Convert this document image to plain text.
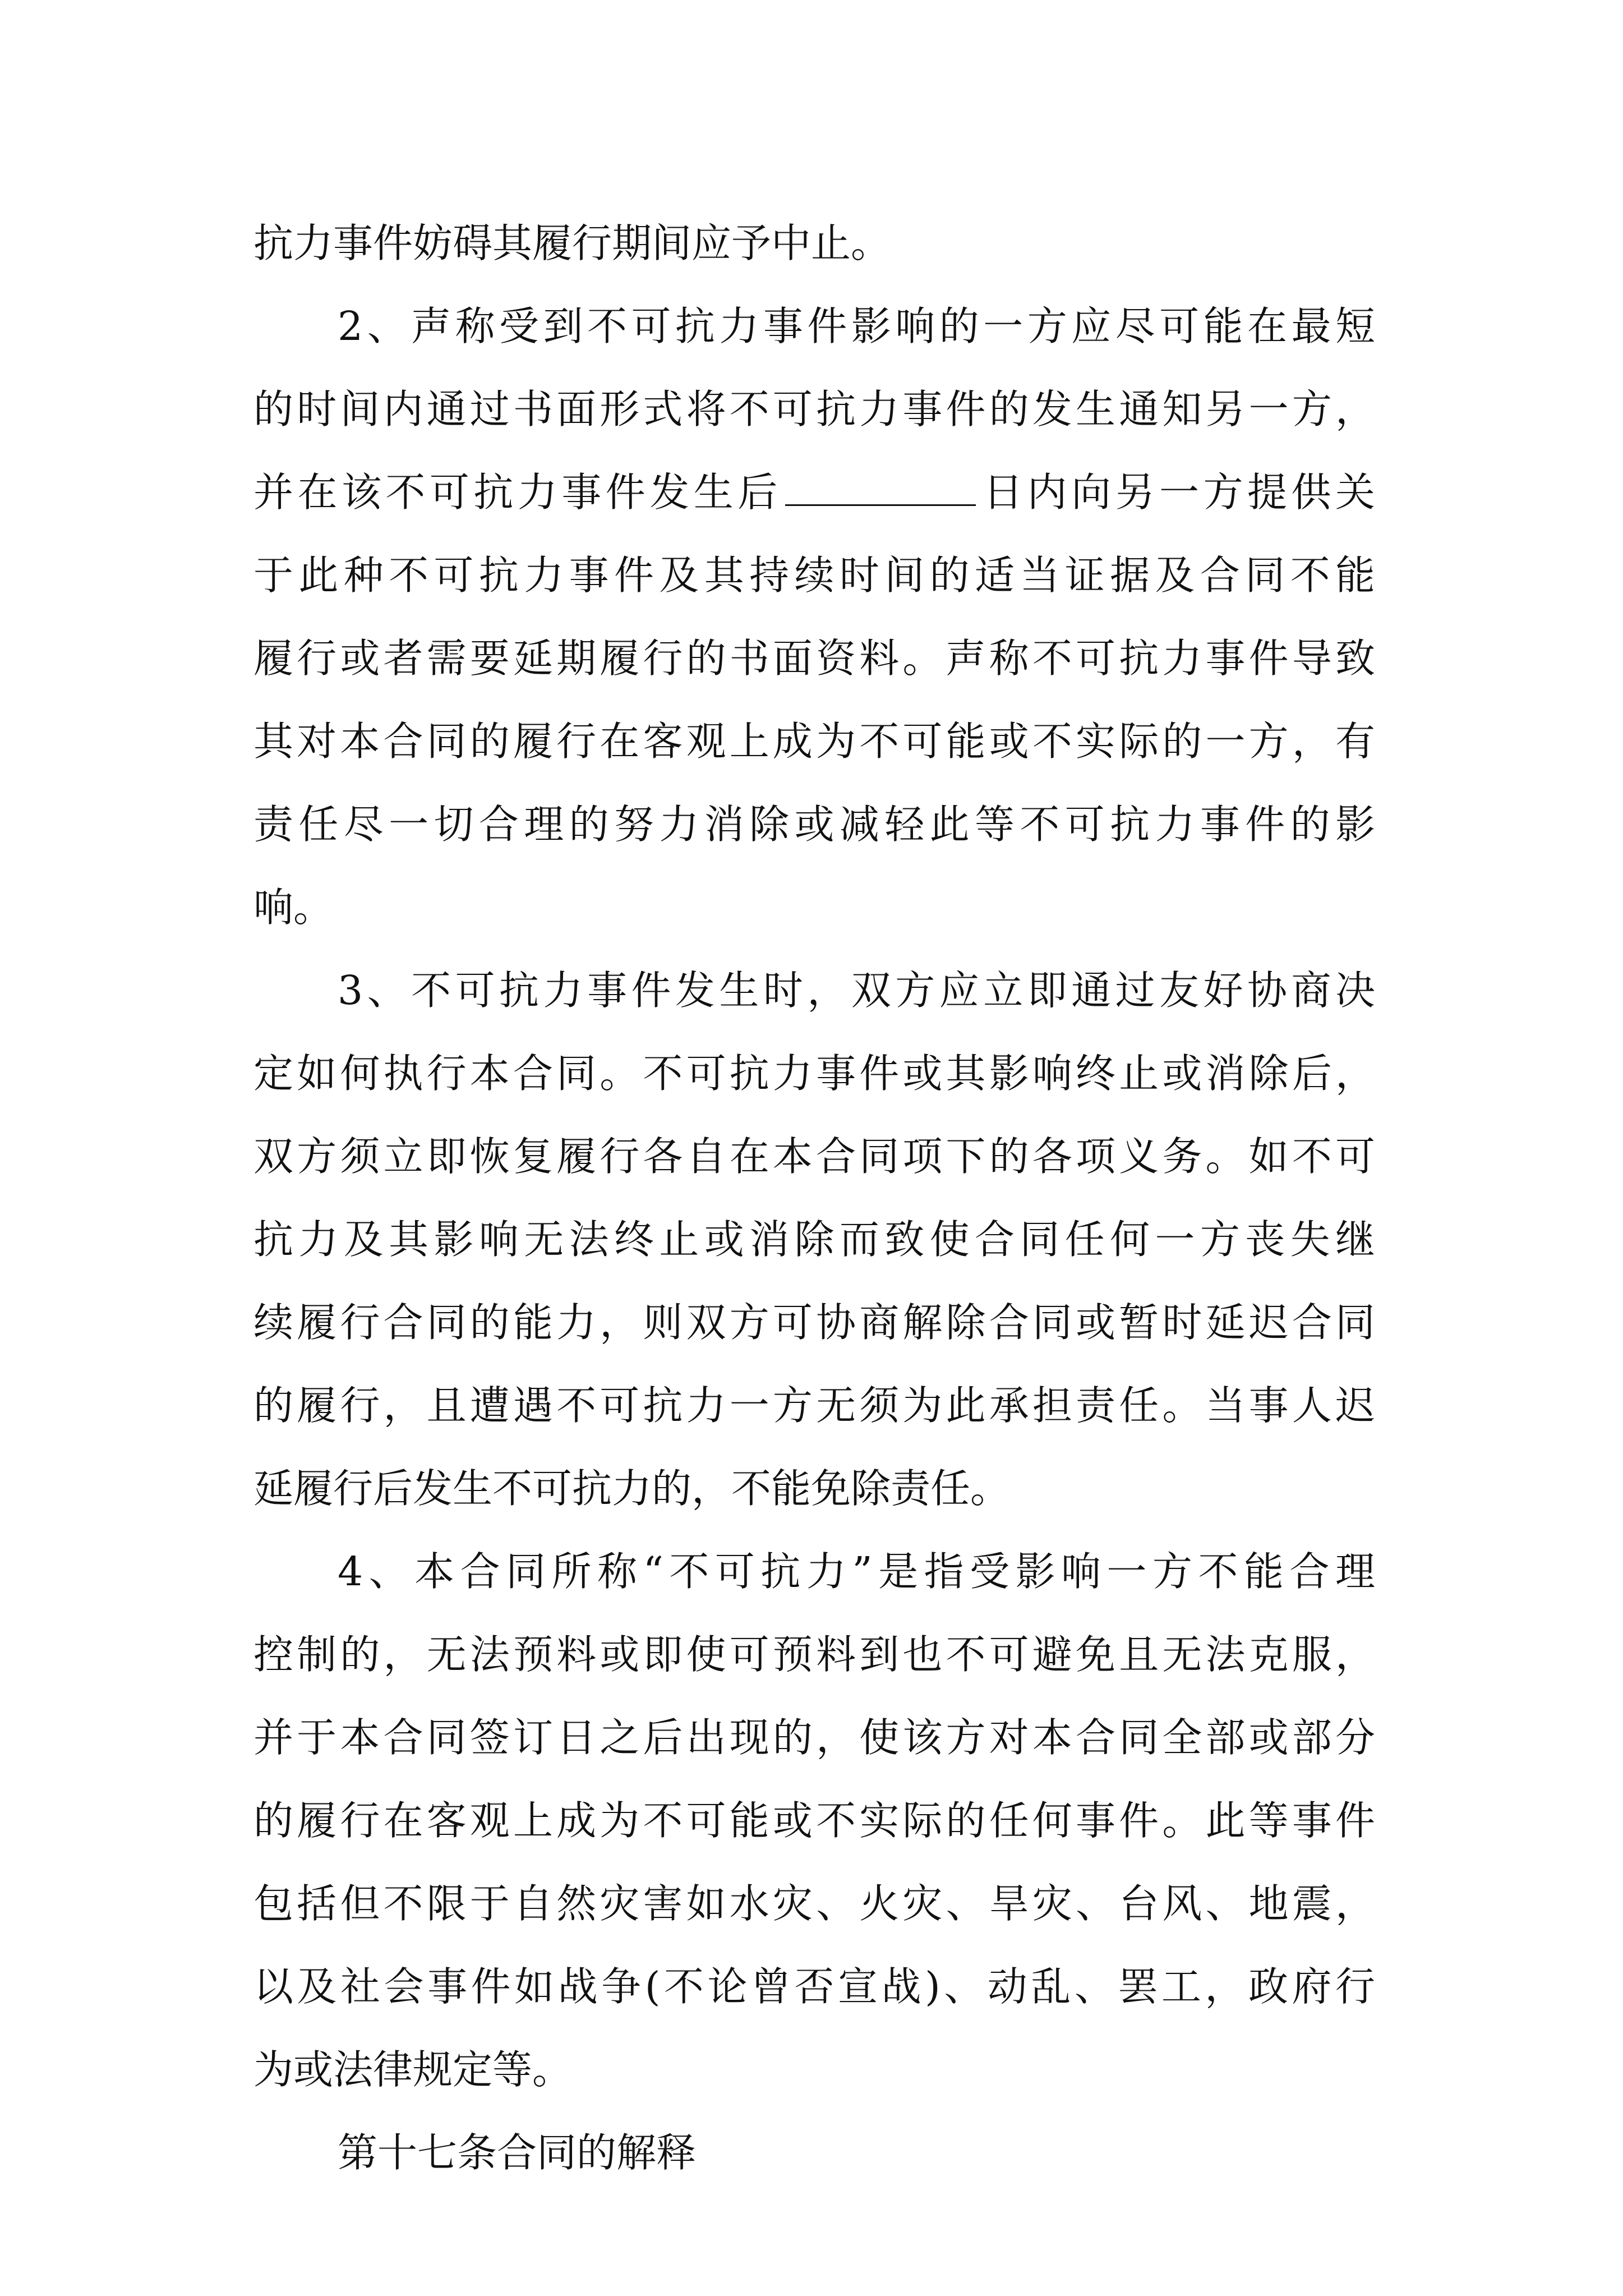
抗力事件妨碍其履行期间应予中止。
2、声称受到不可抗力事件影响的一方应尽可能在最短
的时间内通过书面形式将不可抗力事件的发生通知另一方，
并在该不可抗力事件发生后	日内向另一方提供关
于此种不可抗力事件及其持续时间的适当证据及合同不能
履行或者需要延期履行的书面资料。声称不可抗力事件导致
其对本合同的履行在客观上成为不可能或不实际的一方，有
责任尽一切合理的努力消除或减轻此等不可抗力事件的影
响。
3、不可抗力事件发生时，双方应立即通过友好协商决
定如何执行本合同。不可抗力事件或其影响终止或消除后，
双方须立即恢复履行各自在本合同项下的各项义务。如不可
抗力及其影响无法终止或消除而致使合同任何一方丧失继
续履行合同的能力，则双方可协商解除合同或暂时延迟合同
的履行，且遭遇不可抗力一方无须为此承担责任。当事人迟
延履行后发生不可抗力的，不能免除责任。
4、本合同所称“不可抗力”是指受影响一方不能合理
控制的，无法预料或即使可预料到也不可避免且无法克服，
并于本合同签订日之后出现的，使该方对本合同全部或部分
的履行在客观上成为不可能或不实际的任何事件。此等事件
包括但不限于自然灾害如水灾、火灾、旱灾、台风、地震，
以及社会事件如战争(不论曾否宣战)、动乱、罢工，政府行
为或法律规定等。
第十七条合同的解释
